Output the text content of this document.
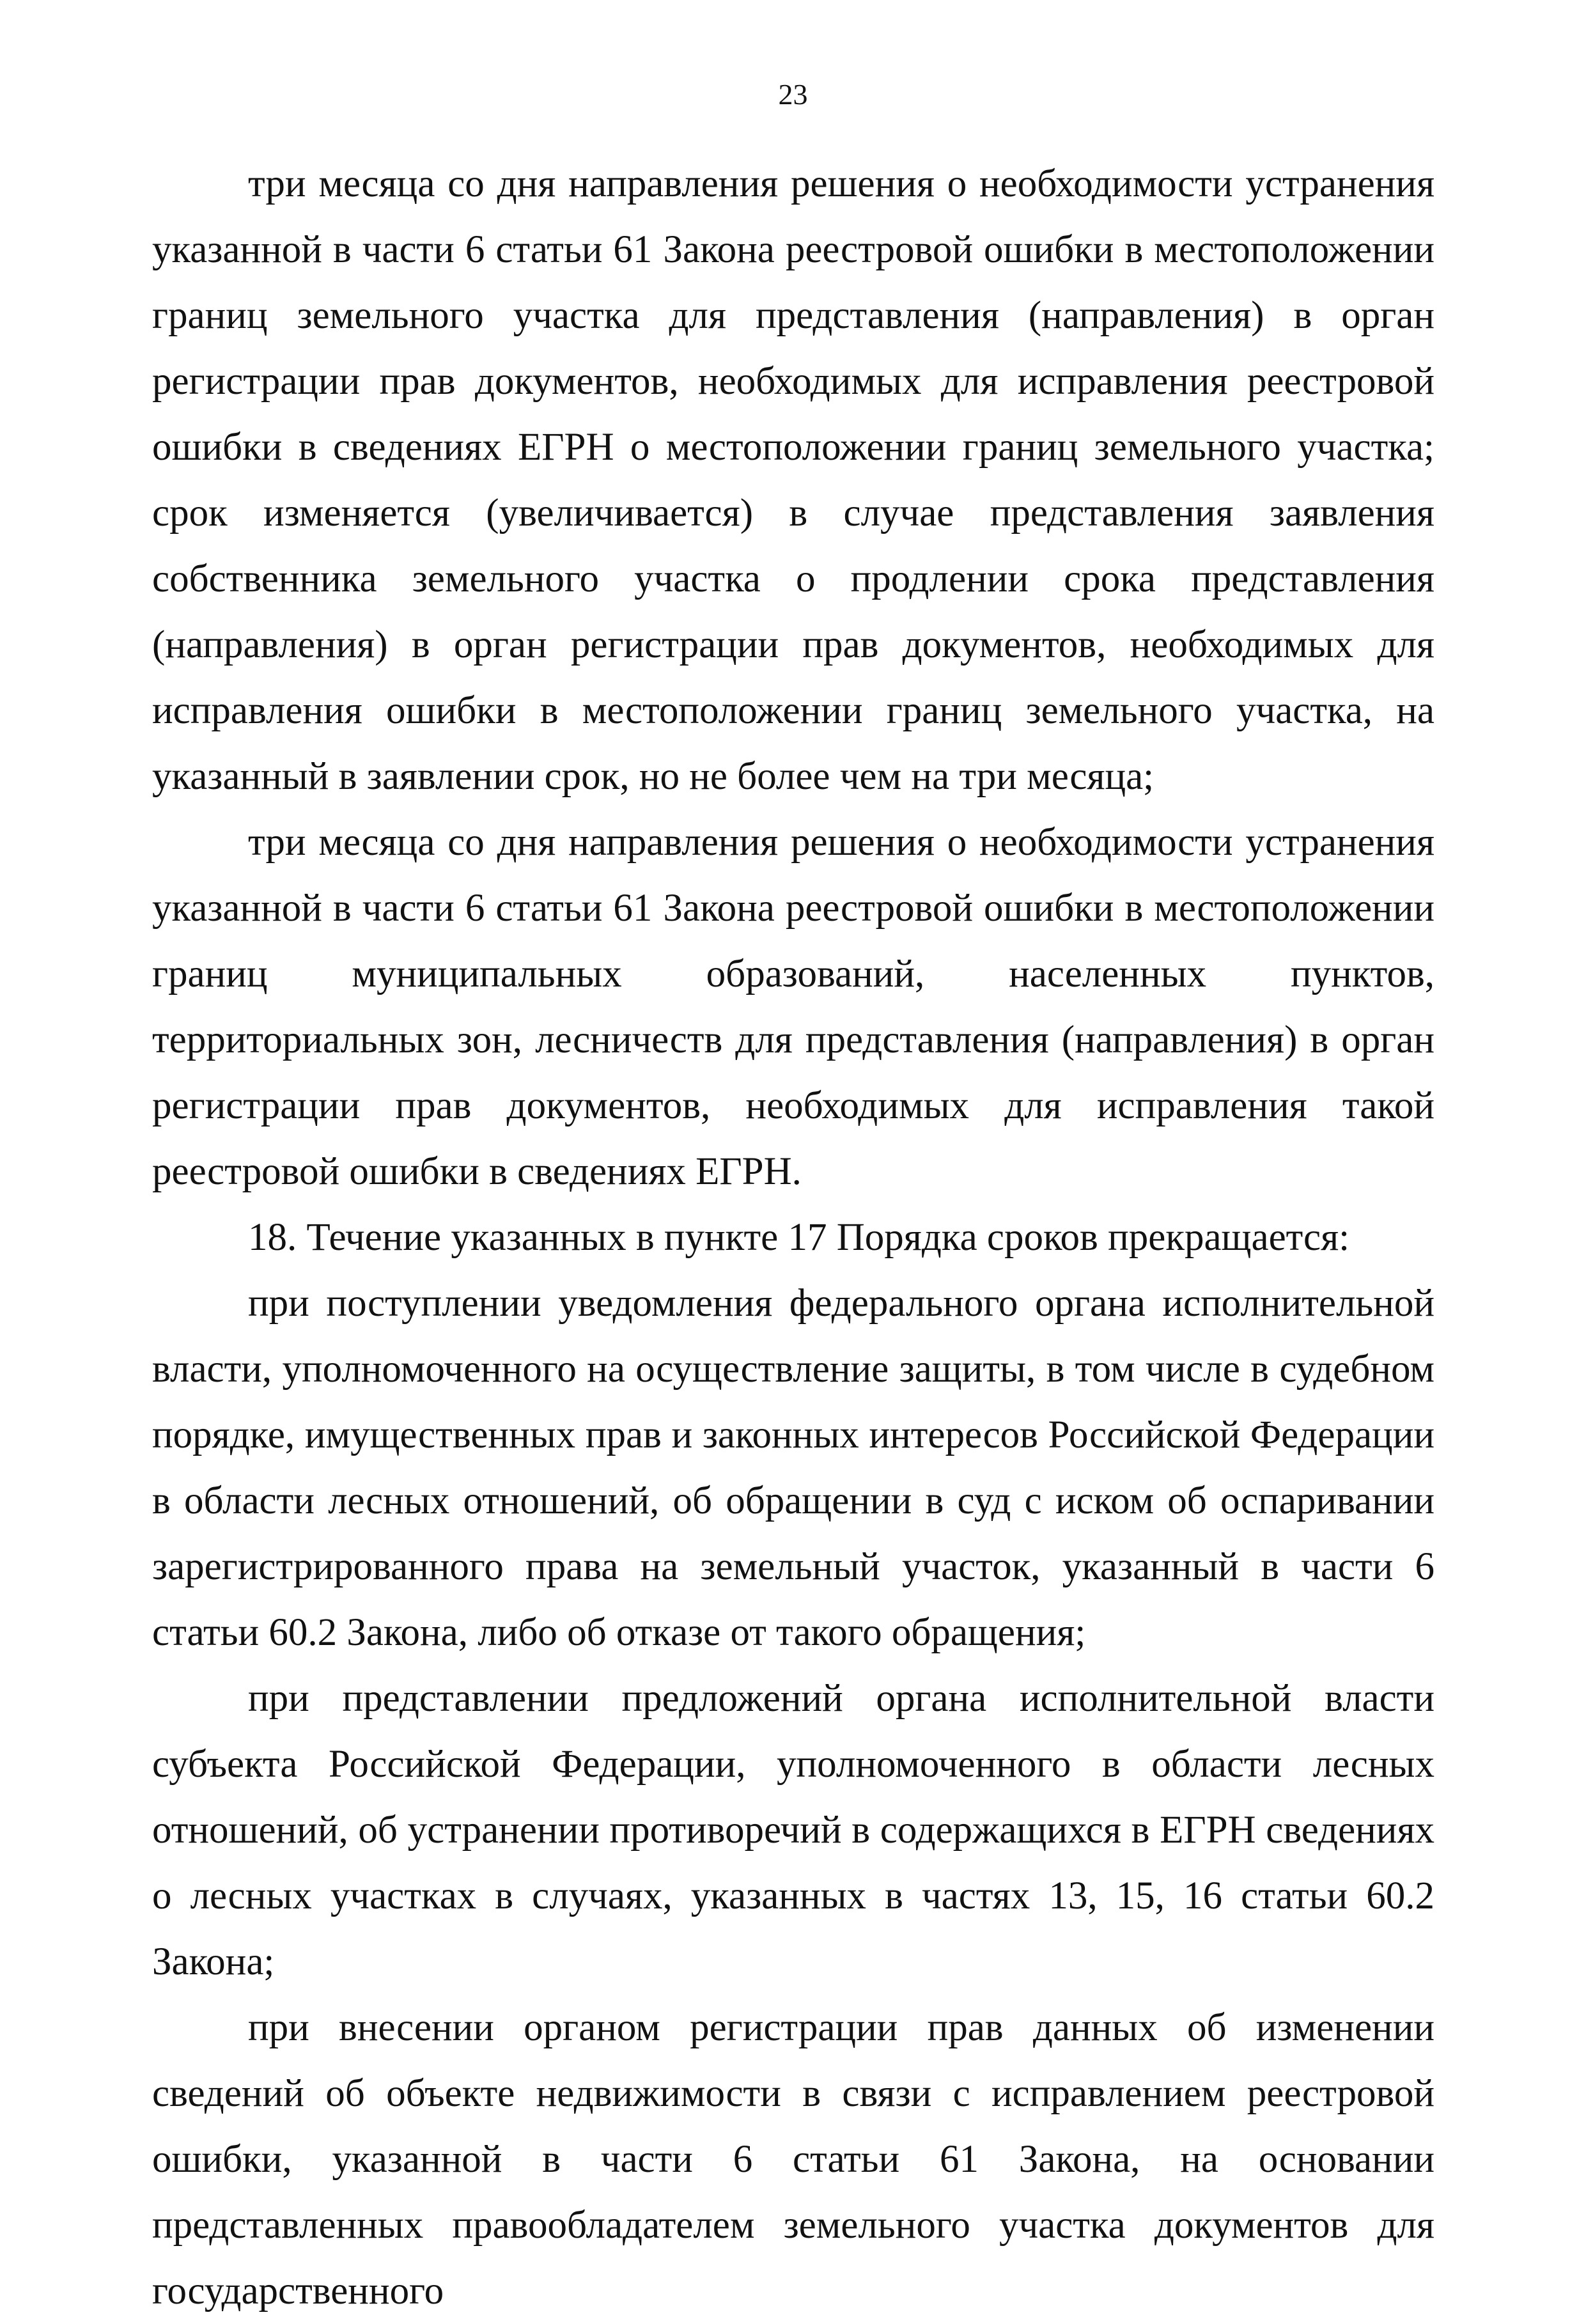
23

три месяца со дня направления решения о необходимости устранения указанной в части 6 статьи 61 Закона реестровой ошибки в местоположении границ земельного участка для представления (направления) в орган регистрации прав документов, необходимых для исправления реестровой ошибки в сведениях ЕГРН о местоположении границ земельного участка; срок изменяется (увеличивается) в случае представления заявления собственника земельного участка о продлении срока представления (направления) в орган регистрации прав документов, необходимых для исправления ошибки в местоположении границ земельного участка, на указанный в заявлении срок, но не более чем на три месяца;

три месяца со дня направления решения о необходимости устранения указанной в части 6 статьи 61 Закона реестровой ошибки в местоположении границ муниципальных образований, населенных пунктов, территориальных зон, лесничеств для представления (направления) в орган регистрации прав документов, необходимых для исправления такой реестровой ошибки в сведениях ЕГРН.

18. Течение указанных в пункте 17 Порядка сроков прекращается:

при поступлении уведомления федерального органа исполнительной власти, уполномоченного на осуществление защиты, в том числе в судебном порядке, имущественных прав и законных интересов Российской Федерации в области лесных отношений, об обращении в суд с иском об оспаривании зарегистрированного права на земельный участок, указанный в части 6 статьи 60.2 Закона, либо об отказе от такого обращения;

при представлении предложений органа исполнительной власти субъекта Российской Федерации, уполномоченного в области лесных отношений, об устранении противоречий в содержащихся в ЕГРН сведениях о лесных участках в случаях, указанных в частях 13, 15, 16 статьи 60.2 Закона;

при внесении органом регистрации прав данных об изменении сведений об объекте недвижимости в связи с исправлением реестровой ошибки, указанной в части 6 статьи 61 Закона, на основании представленных правообладателем земельного участка документов для государственного
